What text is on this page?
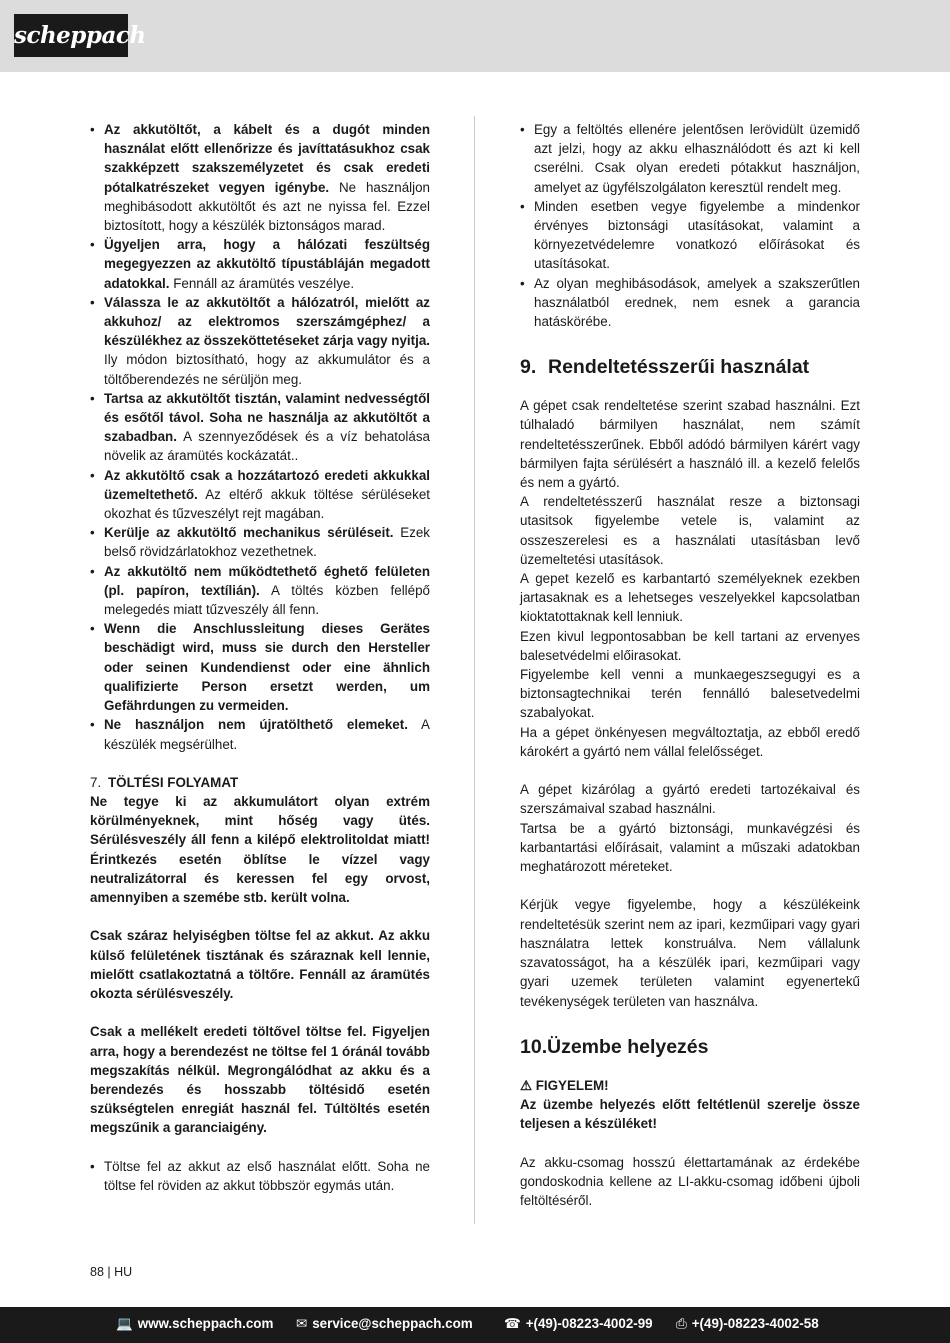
scheppach
• Az akkutöltőt, a kábelt és a dugót minden használat előtt ellenőrizze és javíttatásukhoz csak szakképzett szakszemélyzetet és csak eredeti pótalkatrészeket vegyen igénybe. Ne használjon meghibásodott akkutöltőt és azt ne nyissa fel. Ezzel biztosított, hogy a készülék biztonságos marad.
• Ügyeljen arra, hogy a hálózati feszültség megegyezzen az akkutöltő típustábláján megadott adatokkal. Fennáll az áramütés veszélye.
• Válassza le az akkutöltőt a hálózatról, mielőtt az akkuhoz/ az elektromos szerszámgéphez/ a készülékhez az összeköttetéseket zárja vagy nyitja. Ily módon biztosítható, hogy az akkumulátor és a töltőberendezés ne sérüljön meg.
• Tartsa az akkutöltőt tisztán, valamint nedvességtől és esőtől távol. Soha ne használja az akkutöltőt a szabadban. A szennyeződések és a víz behatolása növelik az áramütés kockázatát..
• Az akkutöltő csak a hozzátartozó eredeti akkukkal üzemeltethető. Az eltérő akkuk töltése sérüléseket okozhat és tűzveszélyt rejt magában.
• Kerülje az akkutöltő mechanikus sérüléseit. Ezek belső rövidzárlatokhoz vezethetnek.
• Az akkutöltő nem működtethető éghető felületen (pl. papíron, textílián). A töltés közben fellépő melegedés miatt tűzveszély áll fenn.
• Wenn die Anschlussleitung dieses Gerätes beschädigt wird, muss sie durch den Hersteller oder seinen Kundendienst oder eine ähnlich qualifizierte Person ersetzt werden, um Gefährdungen zu vermeiden.
• Ne használjon nem újratölthető elemeket. A készülék megsérülhet.
7. TÖLTÉSI FOLYAMAT
Ne tegye ki az akkumulátort olyan extrém körülményeknek, mint hőség vagy ütés. Sérülésveszély áll fenn a kilépő elektrolitoldat miatt! Érintkezés esetén öblítse le vízzel vagy neutralizátorral és keressen fel egy orvost, amennyiben a szemébe stb. került volna.
Csak száraz helyiségben töltse fel az akkut. Az akku külső felületének tisztának és száraznak kell lennie, mielőtt csatlakoztatná a töltőre. Fennáll az áramütés okozta sérülésveszély.
Csak a mellékelt eredeti töltővel töltse fel. Figyeljen arra, hogy a berendezést ne töltse fel 1 óránál tovább megszakítás nélkül. Megrongálódhat az akku és a berendezés és hosszabb töltésidő esetén szükségtelen enregiát használ fel. Túltöltés esetén megszűnik a garanciaigény.
• Töltse fel az akkut az első használat előtt. Soha ne töltse fel röviden az akkut többször egymás után.
• Egy a feltöltés ellenére jelentősen lerövidült üzemidő azt jelzi, hogy az akku elhasználódott és azt ki kell cserélni. Csak olyan eredeti pótakkut használjon, amelyet az ügyfélszolgálaton keresztül rendelt meg.
• Minden esetben vegye figyelembe a mindenkor érvényes biztonsági utasításokat, valamint a környezetvédelemre vonatkozó előírásokat és utasításokat.
• Az olyan meghibásodások, amelyek a szakszerűtlen használatból erednek, nem esnek a garancia hatáskörébe.
9. Rendeltetésszerűi használat
A gépet csak rendeltetése szerint szabad használni. Ezt túlhaladó bármilyen használat, nem számít rendeltetésszerűnek. Ebből adódó bármilyen kárért vagy bármilyen fajta sérülésért a használó ill. a kezelő felelős és nem a gyártó.
A rendeltetésszerű használat resze a biztonsagi utasitsok figyelembe vetele is, valamint az osszeszerelesi es a használati utasításban levő üzemeltetési utasítások.
A gepet kezelő es karbantartó személyeknek ezekben jartasaknak es a lehetseges veszelyekkel kapcsolatban kioktatottaknak kell lenniuk.
Ezen kivul legpontosabban be kell tartani az ervenyes balesetvédelmi előirasokat.
Figyelembe kell venni a munkaegeszsegugyi es a biztonsagtechnikai terén fennálló balesetvedelmi szabalyokat.
Ha a gépet önkényesen megváltoztatja, az ebből eredő károkért a gyártó nem vállal felelősséget.
A gépet kizárólag a gyártó eredeti tartozékaival és szerszámaival szabad használni.
Tartsa be a gyártó biztonsági, munkavégzési és karbantartási előírásait, valamint a műszaki adatokban meghatározott méreteket.
Kérjük vegye figyelembe, hogy a készülékeink rendeltetésük szerint nem az ipari, kezműipari vagy gyari használatra lettek konstruálva. Nem vállalunk szavatosságot, ha a készülék ipari, kezműipari vagy gyari uzemek területen valamint egyenertekű tevékenységek területen van használva.
10.Üzembe helyezés
⚠ FIGYELEM!
Az üzembe helyezés előtt feltétlenül szerelje össze teljesen a készüléket!
Az akku-csomag hosszú élettartamának az érdekébe gondoskodnia kellene az LI-akku-csomag időbeni újboli feltöltéséről.
88 | HU
💻 www.scheppach.com ✉ service@scheppach.com ☎ +(49)-08223-4002-99 ⎙ +(49)-08223-4002-58
